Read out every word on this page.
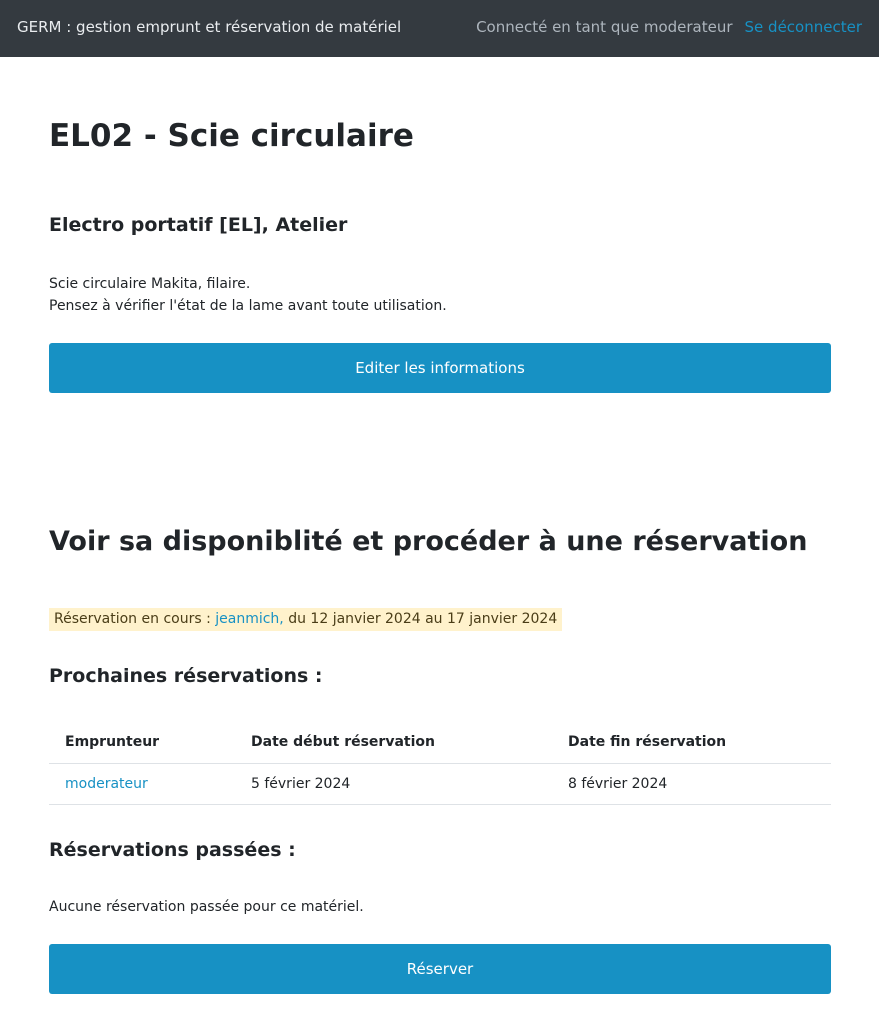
GERM : gestion emprunt et réservation de matériel	Connecté en tant que moderateur Se déconnecter
EL02 - Scie circulaire
Electro portatif [EL], Atelier
Scie circulaire Makita, filaire.
Pensez à vérifier l'état de la lame avant toute utilisation.
Editer les informations
Voir sa disponiblité et procéder à une réservation
Réservation en cours : jeanmich, du 12 janvier 2024 au 17 janvier 2024
Prochaines réservations :
Emprunteur	Date début réservation	Date fin réservation
moderateur	5 février 2024	8 février 2024
Réservations passées :

Aucune réservation passée pour ce matériel.

Réserver
